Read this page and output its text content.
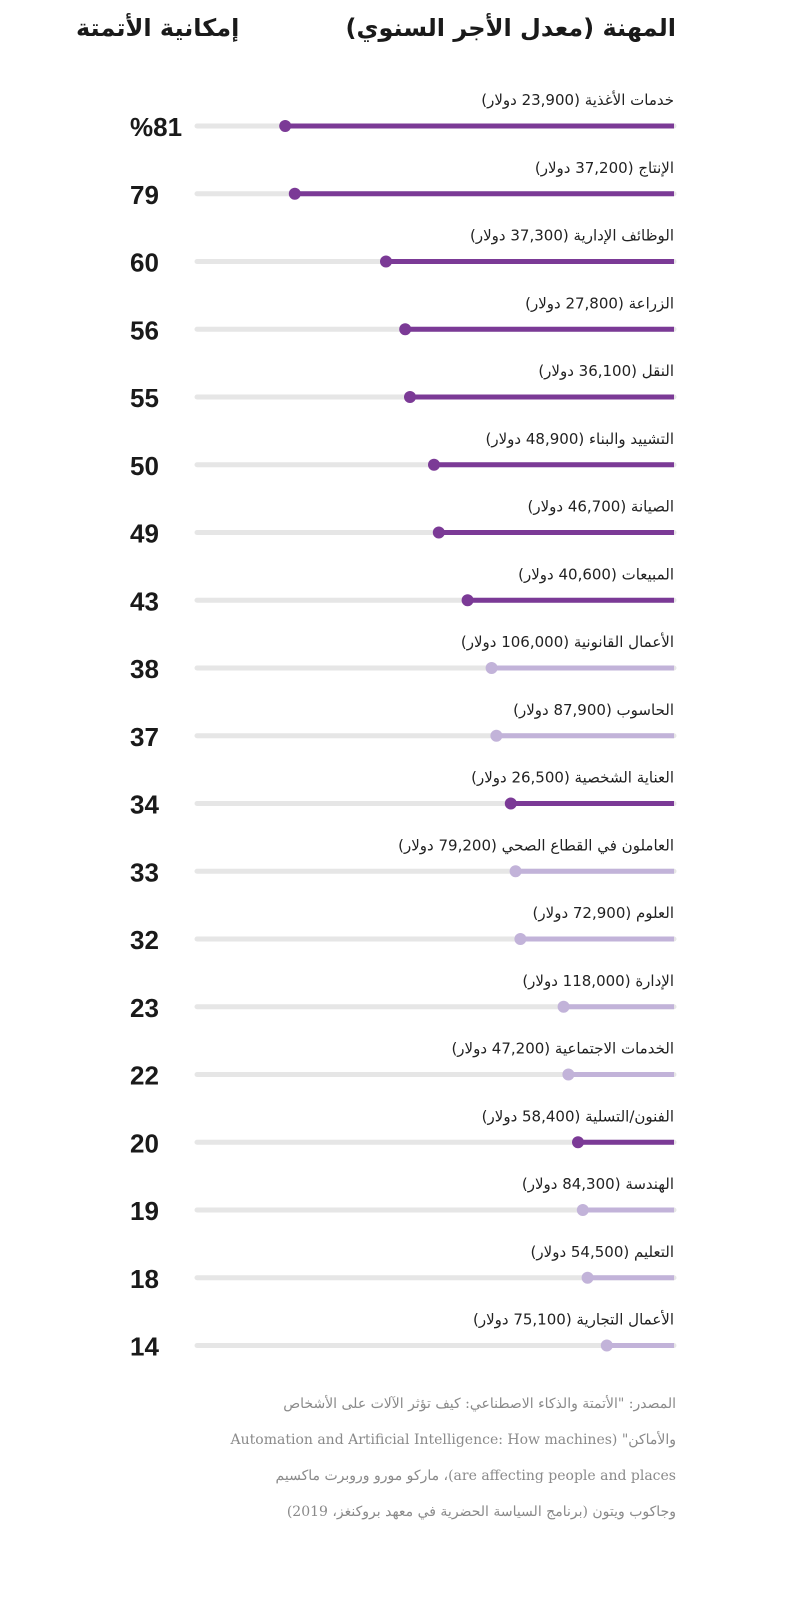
المهنة (معدل الأجر السنوي)
إمكانية الأتمتة
خدمات الأغذية (23,900 دولار)
%81
الإنتاج (37,200 دولار)
79
الوظائف الإدارية (37,300 دولار)
60
الزراعة (27,800 دولار)
56
النقل (36,100 دولار)
55
التشييد والبناء (48,900 دولار)
50
الصيانة (46,700 دولار)
49
المبيعات (40,600 دولار)
43
الأعمال القانونية (106,000 دولار)
38
الحاسوب (87,900 دولار)
37
العناية الشخصية (26,500 دولار)
34
العاملون في القطاع الصحي (79,200 دولار)
33
العلوم (72,900 دولار)
32
الإدارة (118,000 دولار)
23
الخدمات الاجتماعية (47,200 دولار)
22
الفنون/التسلية (58,400 دولار)
20
الهندسة (84,300 دولار)
19
التعليم (54,500 دولار)
18
الأعمال التجارية (75,100 دولار)
14
المصدر: "الأتمتة والذكاء الاصطناعي: كيف تؤثر الآلات على الأشخاص
والأماكن" (Automation and Artificial Intelligence: How machines
are affecting people and places)، ماركو مورو وروبرت ماكسيم
وجاكوب ويتون (برنامج السياسة الحضرية في معهد بروكنغز، 2019)
